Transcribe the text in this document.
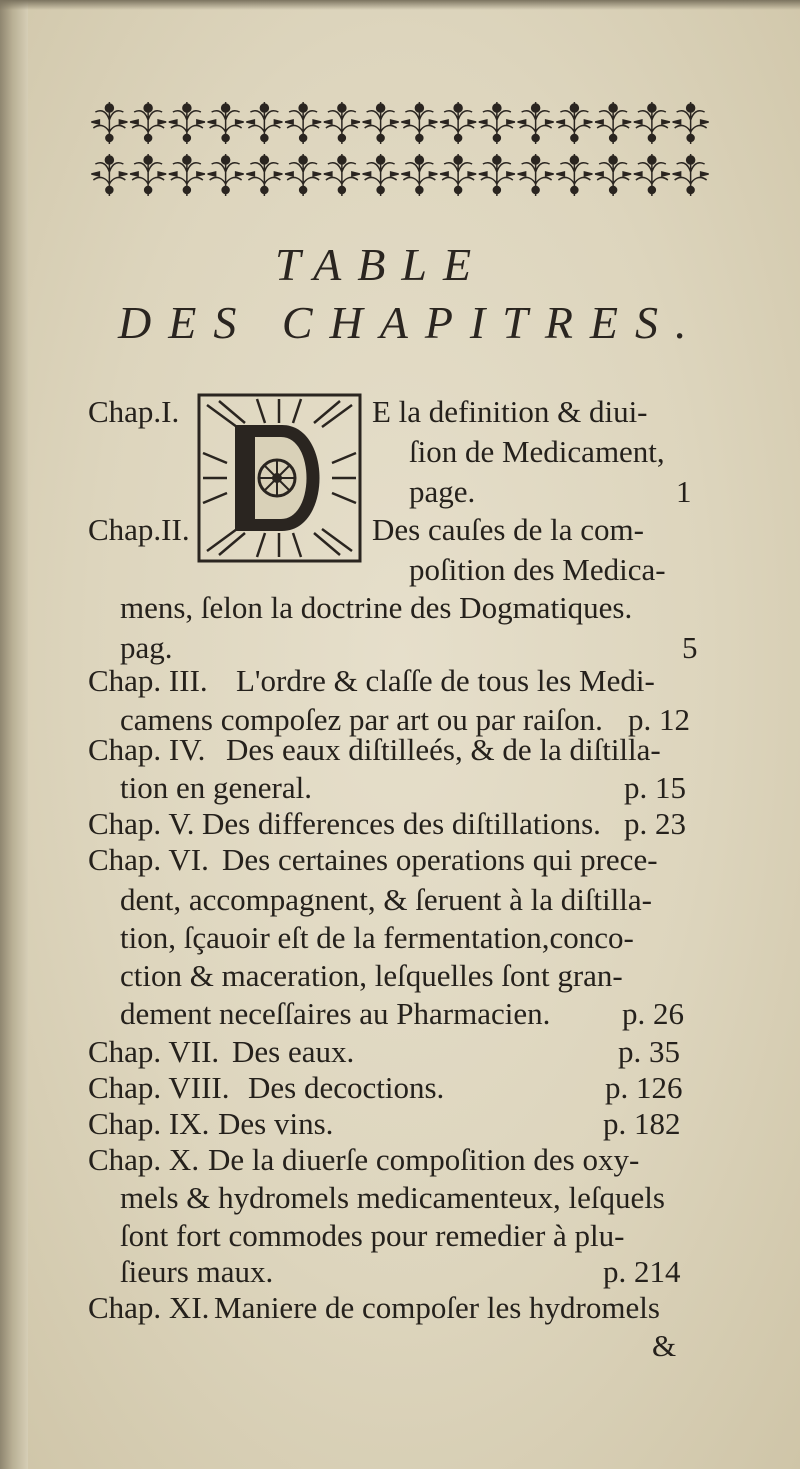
TABLE
DES CHAPITRES.
Chap.I.	E la definition & diui-
ſion de Medicament,
page.	1
Chap.II.	Des cauſes de la com-
poſition des Medica-
mens, ſelon la doctrine des Dogmatiques.
pag.	5
Chap. III. L'ordre & claſſe de tous les Medi-
camens compoſez par art ou par raiſon. p. 12
Chap. IV. Des eaux diſtilleés, & de la diſtilla-
tion en general.	p. 15
Chap. V. Des differences des diſtillations. p. 23
Chap. VI. Des certaines operations qui prece-
dent, accompagnent, & ſeruent à la diſtilla-
tion, ſçauoir eſt de la fermentation,conco-
ction & maceration, leſquelles ſont gran-
dement neceſſaires au Pharmacien. p. 26
Chap. VII. Des eaux.	p. 35
Chap. VIII. Des decoctions.	p. 126
Chap. IX. Des vins.	p. 182
Chap. X. De la diuerſe compoſition des oxy-
mels & hydromels medicamenteux, leſquels
ſont fort commodes pour remedier à plu-
ſieurs maux.	p. 214
Chap. XI. Maniere de compoſer les hydromels
&
